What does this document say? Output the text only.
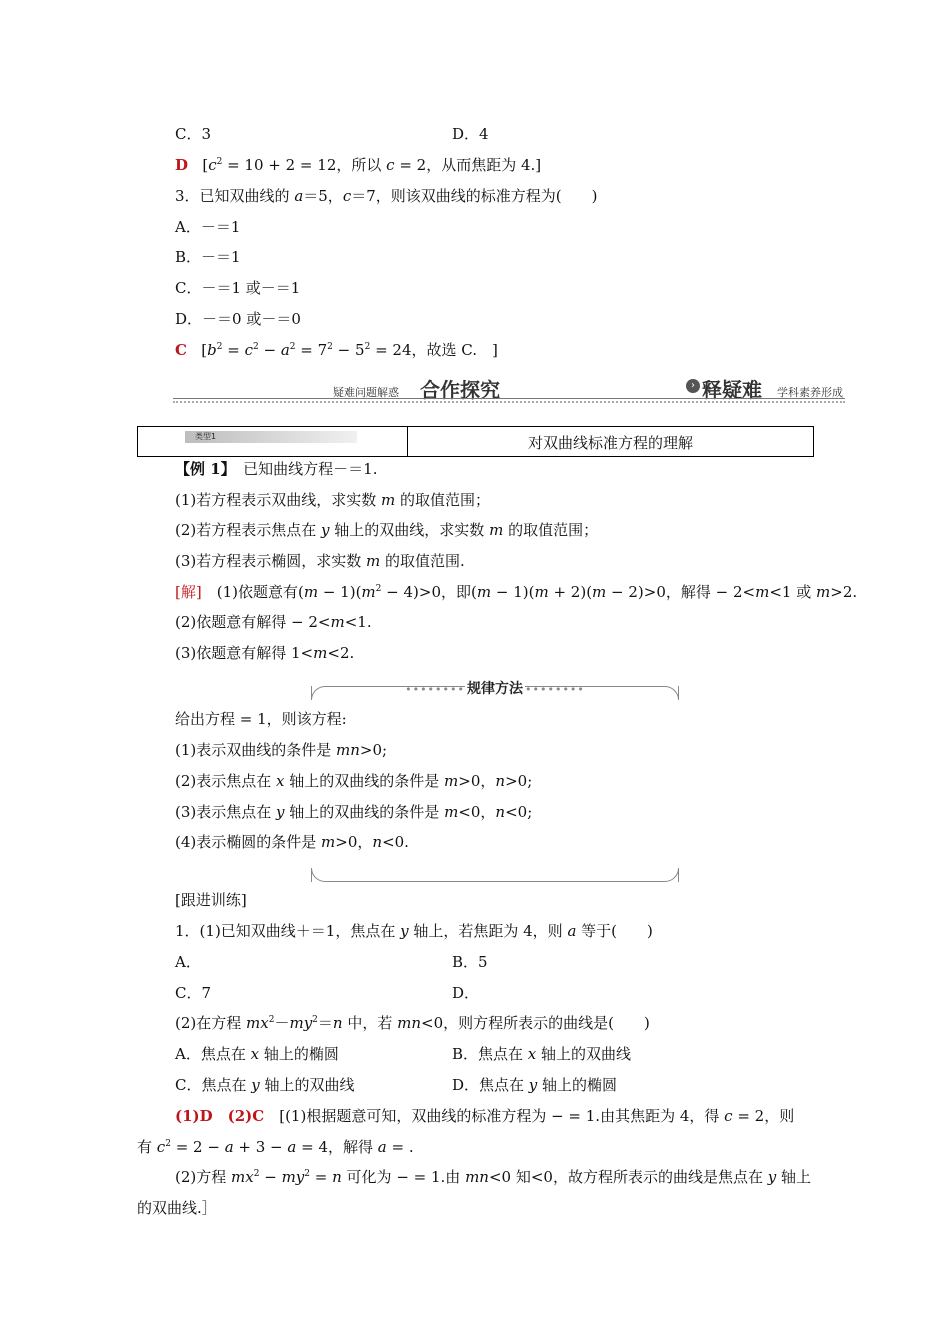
C．3	D．4
D [$c^2 = 10 + 2 = 12$，所以 c = 2，从而焦距为 4.]
3．已知双曲线的 a＝5，c＝7，则该双曲线的标准方程为(　　)
A．－＝1
B．－＝1
C．－＝1 或－＝1
D．－＝0 或－＝0
C [$b^2 = c^2 - a^2 = 7^2 - 5^2 = 24$，故选 C.　]
疑难问题解惑 合作探究	› 释疑难 学科素养形成
类型1	对双曲线标准方程的理解
【例 1】　已知曲线方程－＝1.
(1)若方程表示双曲线，求实数 m 的取值范围；
(2)若方程表示焦点在 y 轴上的双曲线，求实数 m 的取值范围；
(3)若方程表示椭圆，求实数 m 的取值范围.
[解]　(1)依题意有$(m - 1)(m^2 - 4)>0$，即(m − 1)(m + 2)(m − 2)>0，解得 − 2<m<1 或 m>2.
(2)依题意有解得 − 2<m<1.
(3)依题意有解得 1<m<2.
•••••••• 规律方法 ••••••••
给出方程 = 1，则该方程:
(1)表示双曲线的条件是 mn>0;
(2)表示焦点在 x 轴上的双曲线的条件是 m>0，n>0;
(3)表示焦点在 y 轴上的双曲线的条件是 m<0，n<0;
(4)表示椭圆的条件是 m>0，n<0.
[跟进训练]
1．(1)已知双曲线＋＝1，焦点在 y 轴上，若焦距为 4，则 a 等于(　　)
A．	B．5
C．7	D．
(2)在方程 $mx^2-my^2=n$ 中，若 mn<0，则方程所表示的曲线是(　　)
A．焦点在 x 轴上的椭圆	B．焦点在 x 轴上的双曲线
C．焦点在 y 轴上的双曲线	D．焦点在 y 轴上的椭圆
(1)D　(2)C　[(1)根据题意可知，双曲线的标准方程为 − = 1.由其焦距为 4，得 c = 2，则
有 $c^2 = 2 - a + 3 - a = 4$，解得 a = .
(2)方程 $mx^2 - my^2 = n$ 可化为 − = 1.由 mn<0 知<0，故方程所表示的曲线是焦点在 y 轴上
的双曲线.］
